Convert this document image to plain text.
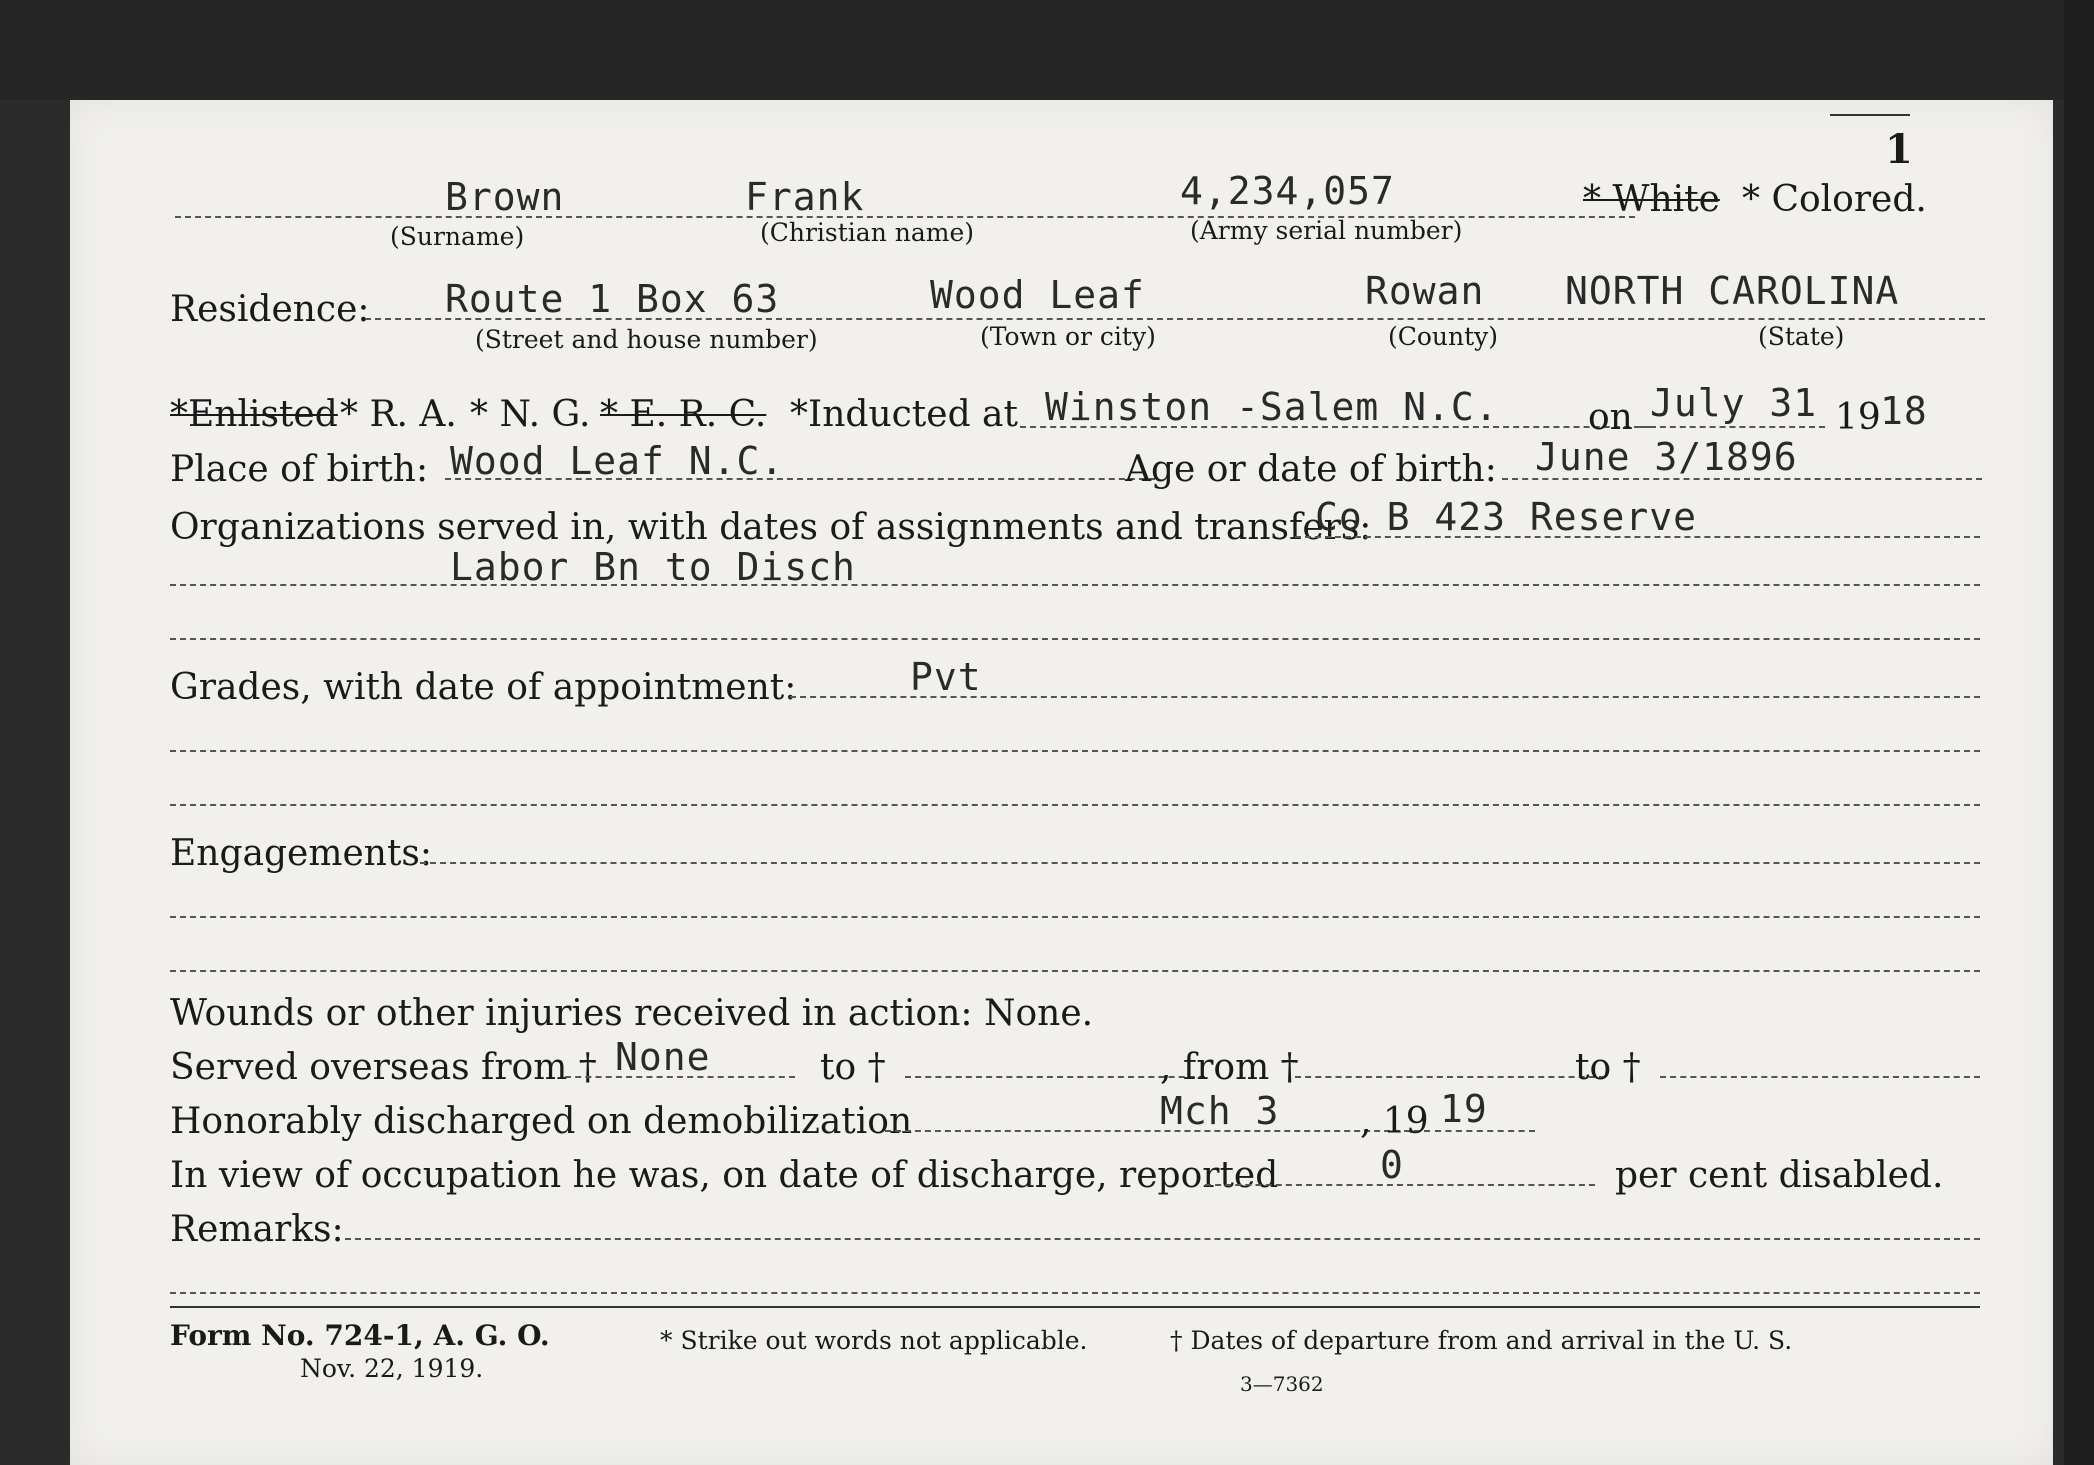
1
Brown	Frank	4,234,057
(Surname)	(Christian name)	(Army serial number)
* White * Colored.
Residence: Route 1 Box 63	Wood Leaf	Rowan NORTH CAROLINA
(Street and house number)	(Town or city)	(County)	(State)
*Enlisted * R. A. * N. G. * E. R. C. *Inducted at Winston -Salem N.C. on July 31 19 18
Place of birth: Wood Leaf N.C.	Age or date of birth: June 3/1896
Organizations served in, with dates of assignments and transfers:
Co B 423 Reserve
Labor Bn to Disch
Grades, with date of appointment:	Pvt
Engagements:
Wounds or other injuries received in action: None.
Served overseas from † None	to †	, from †	to †
Honorably discharged on demobilization	Mch 3 , 19 19
In view of occupation he was, on date of discharge, reported	0	per cent disabled.
Remarks:
Form No. 724-1, A. G. O.
Nov. 22, 1919.
* Strike out words not applicable.	† Dates of departure from and arrival in the U. S.
3—7362
